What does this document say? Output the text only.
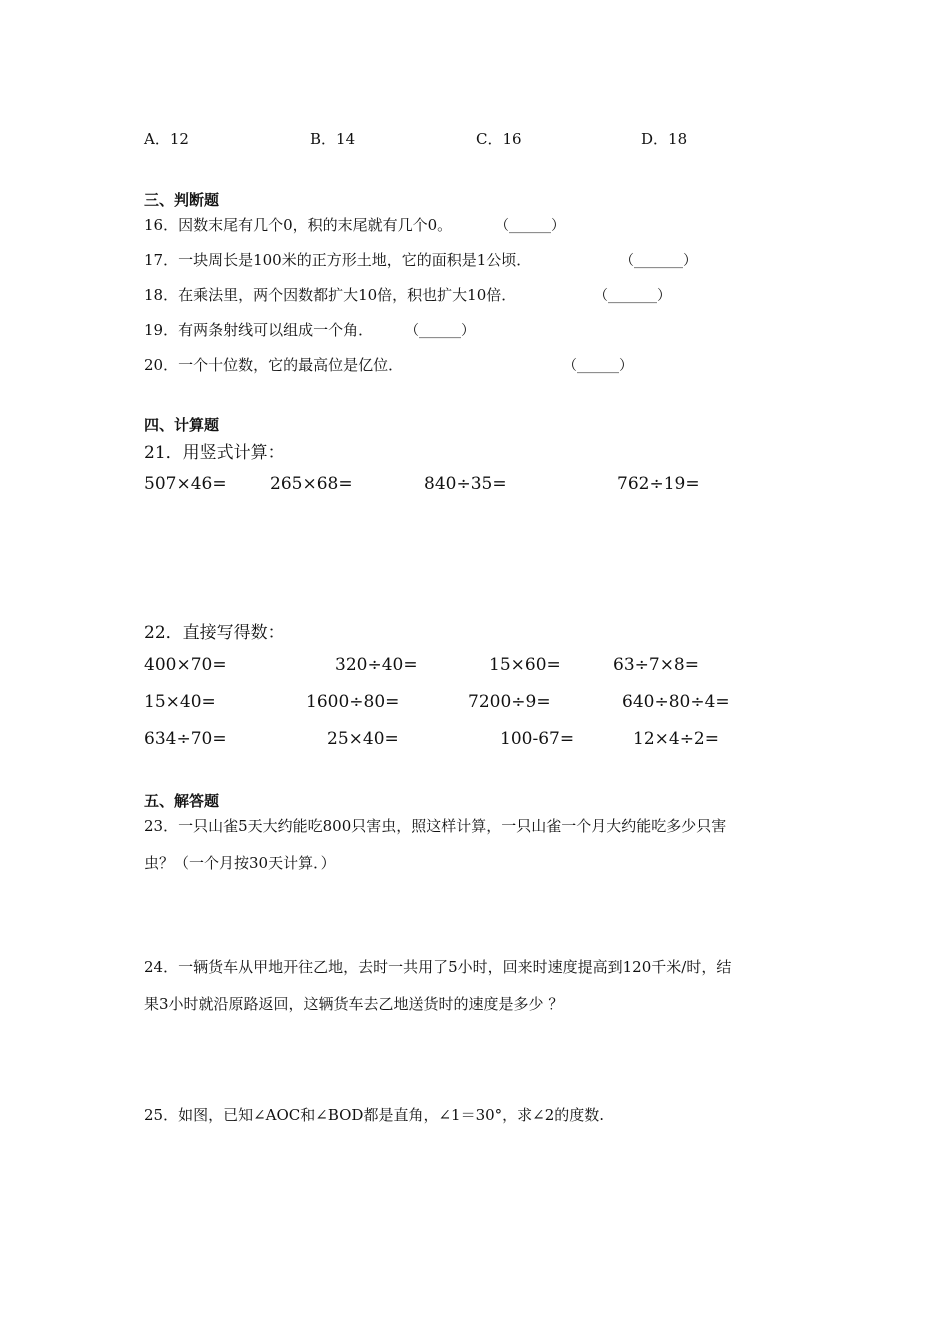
A．12	B．14	C．16	D．18
三、判断题
16．因数末尾有几个0，积的末尾就有几个0。	（______）
17．一块周长是100米的正方形土地，它的面积是1公顷．	（_______）
18．在乘法里，两个因数都扩大10倍，积也扩大10倍．	（_______）
19．有两条射线可以组成一个角． （______）
20．一个十位数，它的最高位是亿位．	（______）
四、计算题
21．用竖式计算：
507×46=	265×68=	840÷35=	762÷19=
22．直接写得数：
400×70=	320÷40=	15×60=	63÷7×8=
15×40=	1600÷80=	7200÷9=	640÷80÷4=
634÷70=	25×40=	100-67=	12×4÷2=
五、解答题
23．一只山雀5天大约能吃800只害虫，照这样计算，一只山雀一个月大约能吃多少只害
虫？（一个月按30天计算．）
24．一辆货车从甲地开往乙地，去时一共用了5小时，回来时速度提高到120千米/时，结
果3小时就沿原路返回，这辆货车去乙地送货时的速度是多少 ？
25．如图，已知∠AOC和∠BOD都是直角，∠1＝30°，求∠2的度数.
